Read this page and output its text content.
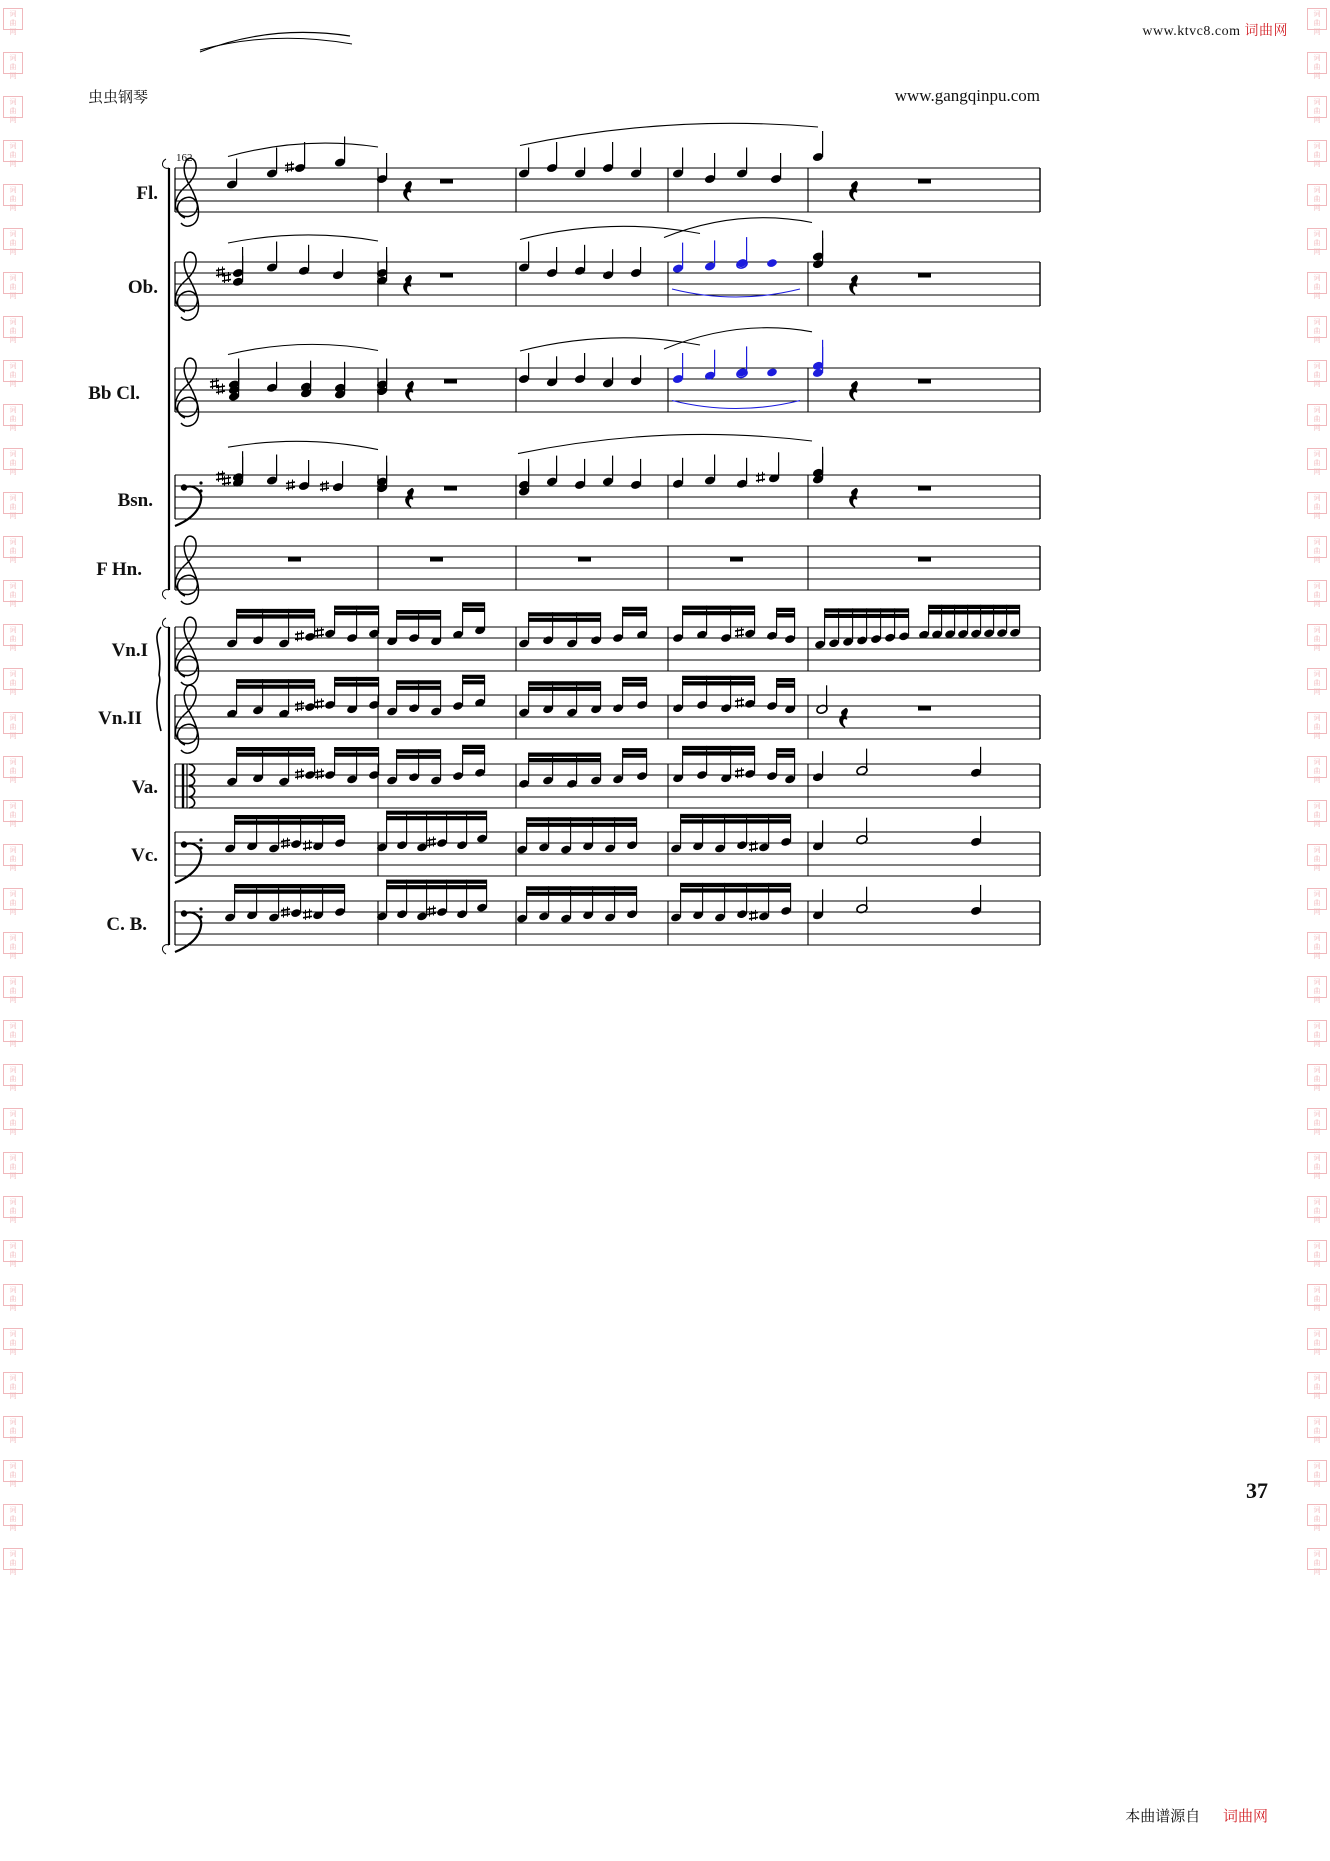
词
曲
网
词
曲
网
词
曲
网
词
曲
网
词
曲
网
词
曲
网
词
曲
网
词
曲
网
词
曲
网
词
曲
网
词
曲
网
词
曲
网
词
曲
网
词
曲
网
词
曲
网
词
曲
网
词
曲
网
词
曲
网
词
曲
网
词
曲
网
词
曲
网
词
曲
网
词
曲
网
词
曲
网
词
曲
网
词
曲
网
词
曲
网
词
曲
网
词
曲
网
词
曲
网
词
曲
网
词
曲
网
词
曲
网
词
曲
网
词
曲
网
词
曲
网
词
曲
网
词
曲
网
词
曲
网
词
曲
网
词
曲
网
词
曲
网
词
曲
网
词
曲
网
词
曲
网
词
曲
网
词
曲
网
词
曲
网
词
曲
网
词
曲
网
词
曲
网
词
曲
网
词
曲
网
词
曲
网
词
曲
网
词
曲
网
词
曲
网
词
曲
网
词
曲
网
词
曲
网
词
曲
网
词
曲
网
词
曲
网
词
曲
网
词
曲
网
词
曲
网
词
曲
网
词
曲
网
词
曲
网
词
曲
网
词
曲
网
词
曲
网
www.ktvc8.com 词曲网
虫虫钢琴	www.gangqinpu.com
Fl.
Ob.
Bb Cl.
Bsn.
F Hn.
Vn.I
Vn.II
Va.
Vc.
C. B.
162
37
本曲谱源自 词曲网
